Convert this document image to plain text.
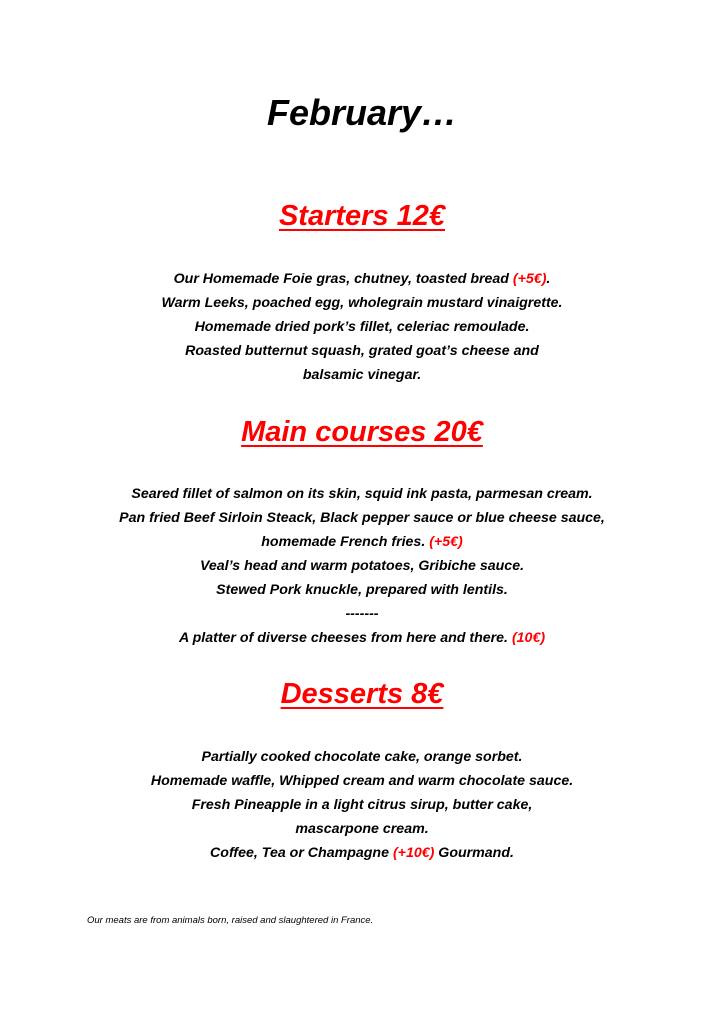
February…
Starters 12€
Our Homemade Foie gras, chutney, toasted bread (+5€).
Warm Leeks, poached egg, wholegrain mustard vinaigrette.
Homemade dried pork’s fillet, celeriac remoulade.
Roasted butternut squash, grated goat’s cheese and
balsamic vinegar.
Main courses 20€
Seared fillet of salmon on its skin, squid ink pasta, parmesan cream.
Pan fried Beef Sirloin Steack, Black pepper sauce or blue cheese sauce,
homemade French fries. (+5€)
Veal’s head and warm potatoes, Gribiche sauce.
Stewed Pork knuckle, prepared with lentils.
-------
A platter of diverse cheeses from here and there. (10€)
Desserts 8€
Partially cooked chocolate cake, orange sorbet.
Homemade waffle, Whipped cream and warm chocolate sauce.
Fresh Pineapple in a light citrus sirup, butter cake,
mascarpone cream.
Coffee, Tea or Champagne (+10€) Gourmand.

Our meats are from animals born, raised and slaughtered in France.
